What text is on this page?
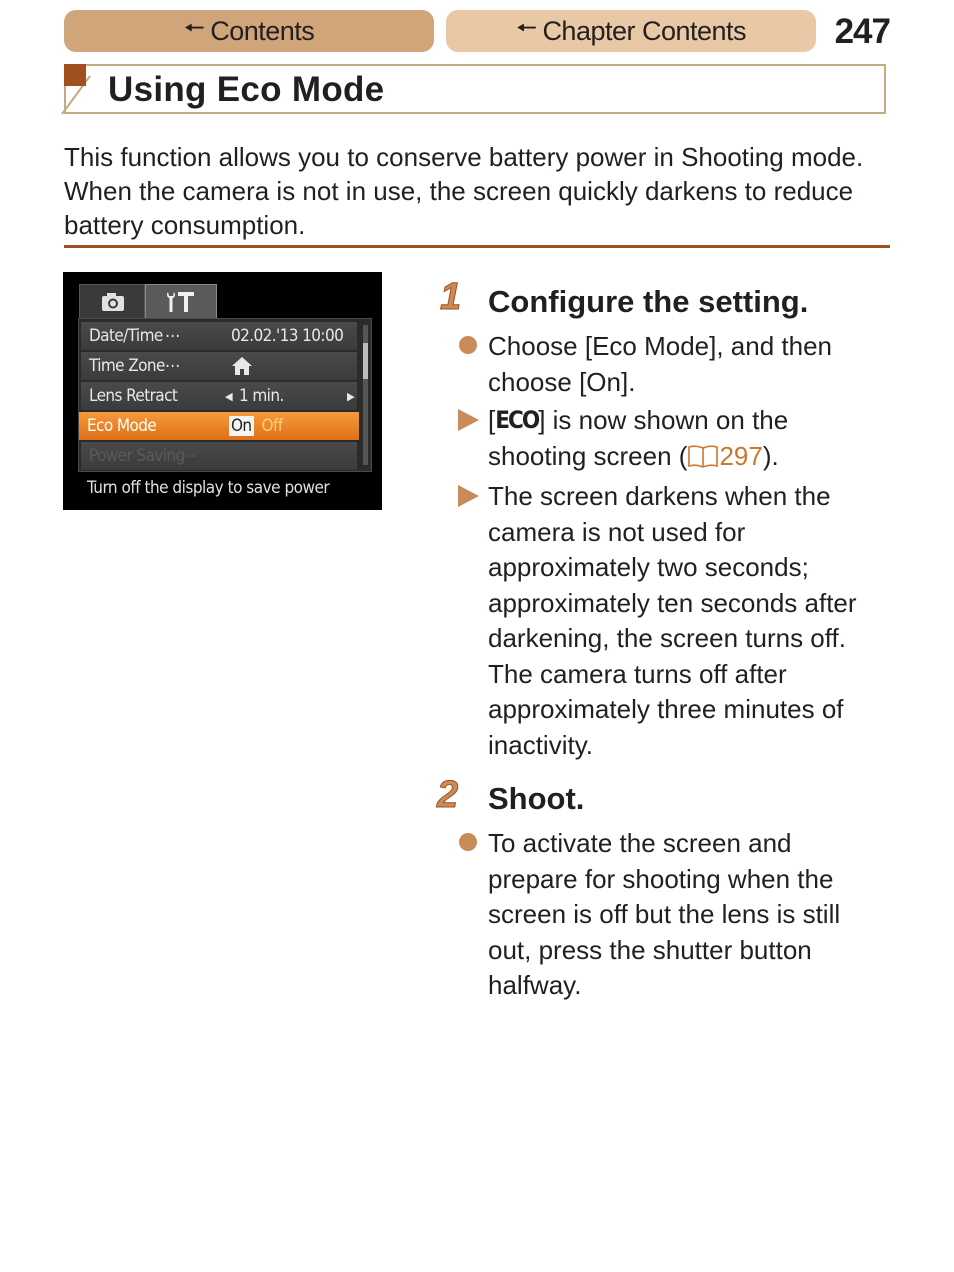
🠔 Contents	🠔 Chapter Contents	247
Using Eco Mode
This function allows you to conserve battery power in Shooting mode. When the camera is not in use, the screen quickly darkens to reduce battery consumption.
Date/Time …	02.02.'13 10:00
Time Zone …
Lens Retract	◀ 1 min.	▶
Eco Mode	On Off
Power Saving
…
Turn off the display to save power
1 Configure the setting.
Choose [Eco Mode], and then choose [On].
[ECO] is now shown on the shooting screen ( 297).
The screen darkens when the camera is not used for approximately two seconds; approximately ten seconds after darkening, the screen turns off. The camera turns off after approximately three minutes of inactivity.
2 Shoot.
To activate the screen and prepare for shooting when the screen is off but the lens is still out, press the shutter button halfway.
